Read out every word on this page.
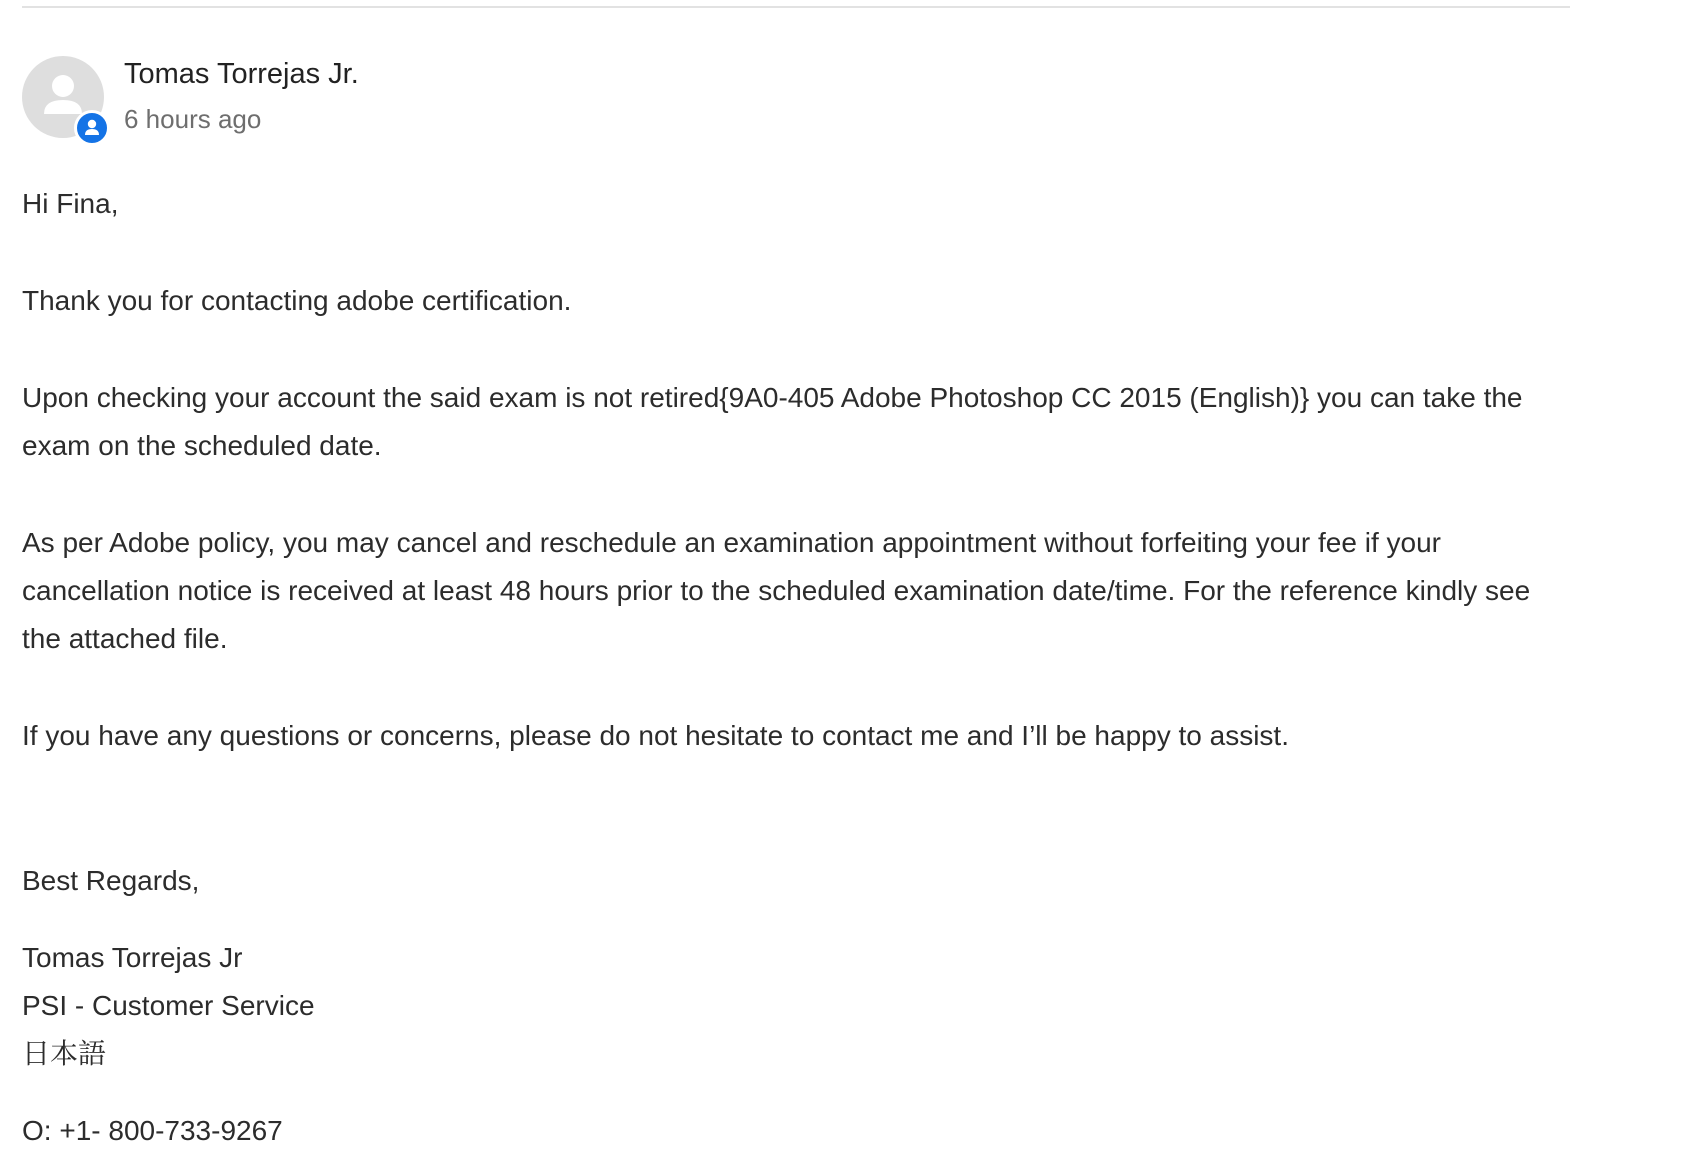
Tomas Torrejas Jr.
6 hours ago

Hi Fina,

Thank you for contacting adobe certification.

Upon checking your account the said exam is not retired{9A0-405 Adobe Photoshop CC 2015 (English)} you can take the exam on the scheduled date.

As per Adobe policy, you may cancel and reschedule an examination appointment without forfeiting your fee if your cancellation notice is received at least 48 hours prior to the scheduled examination date/time. For the reference kindly see the attached file.

If you have any questions or concerns, please do not hesitate to contact me and I’ll be happy to assist.

Best Regards,

Tomas Torrejas Jr
PSI - Customer Service
日本語

O: +1- 800-733-9267
